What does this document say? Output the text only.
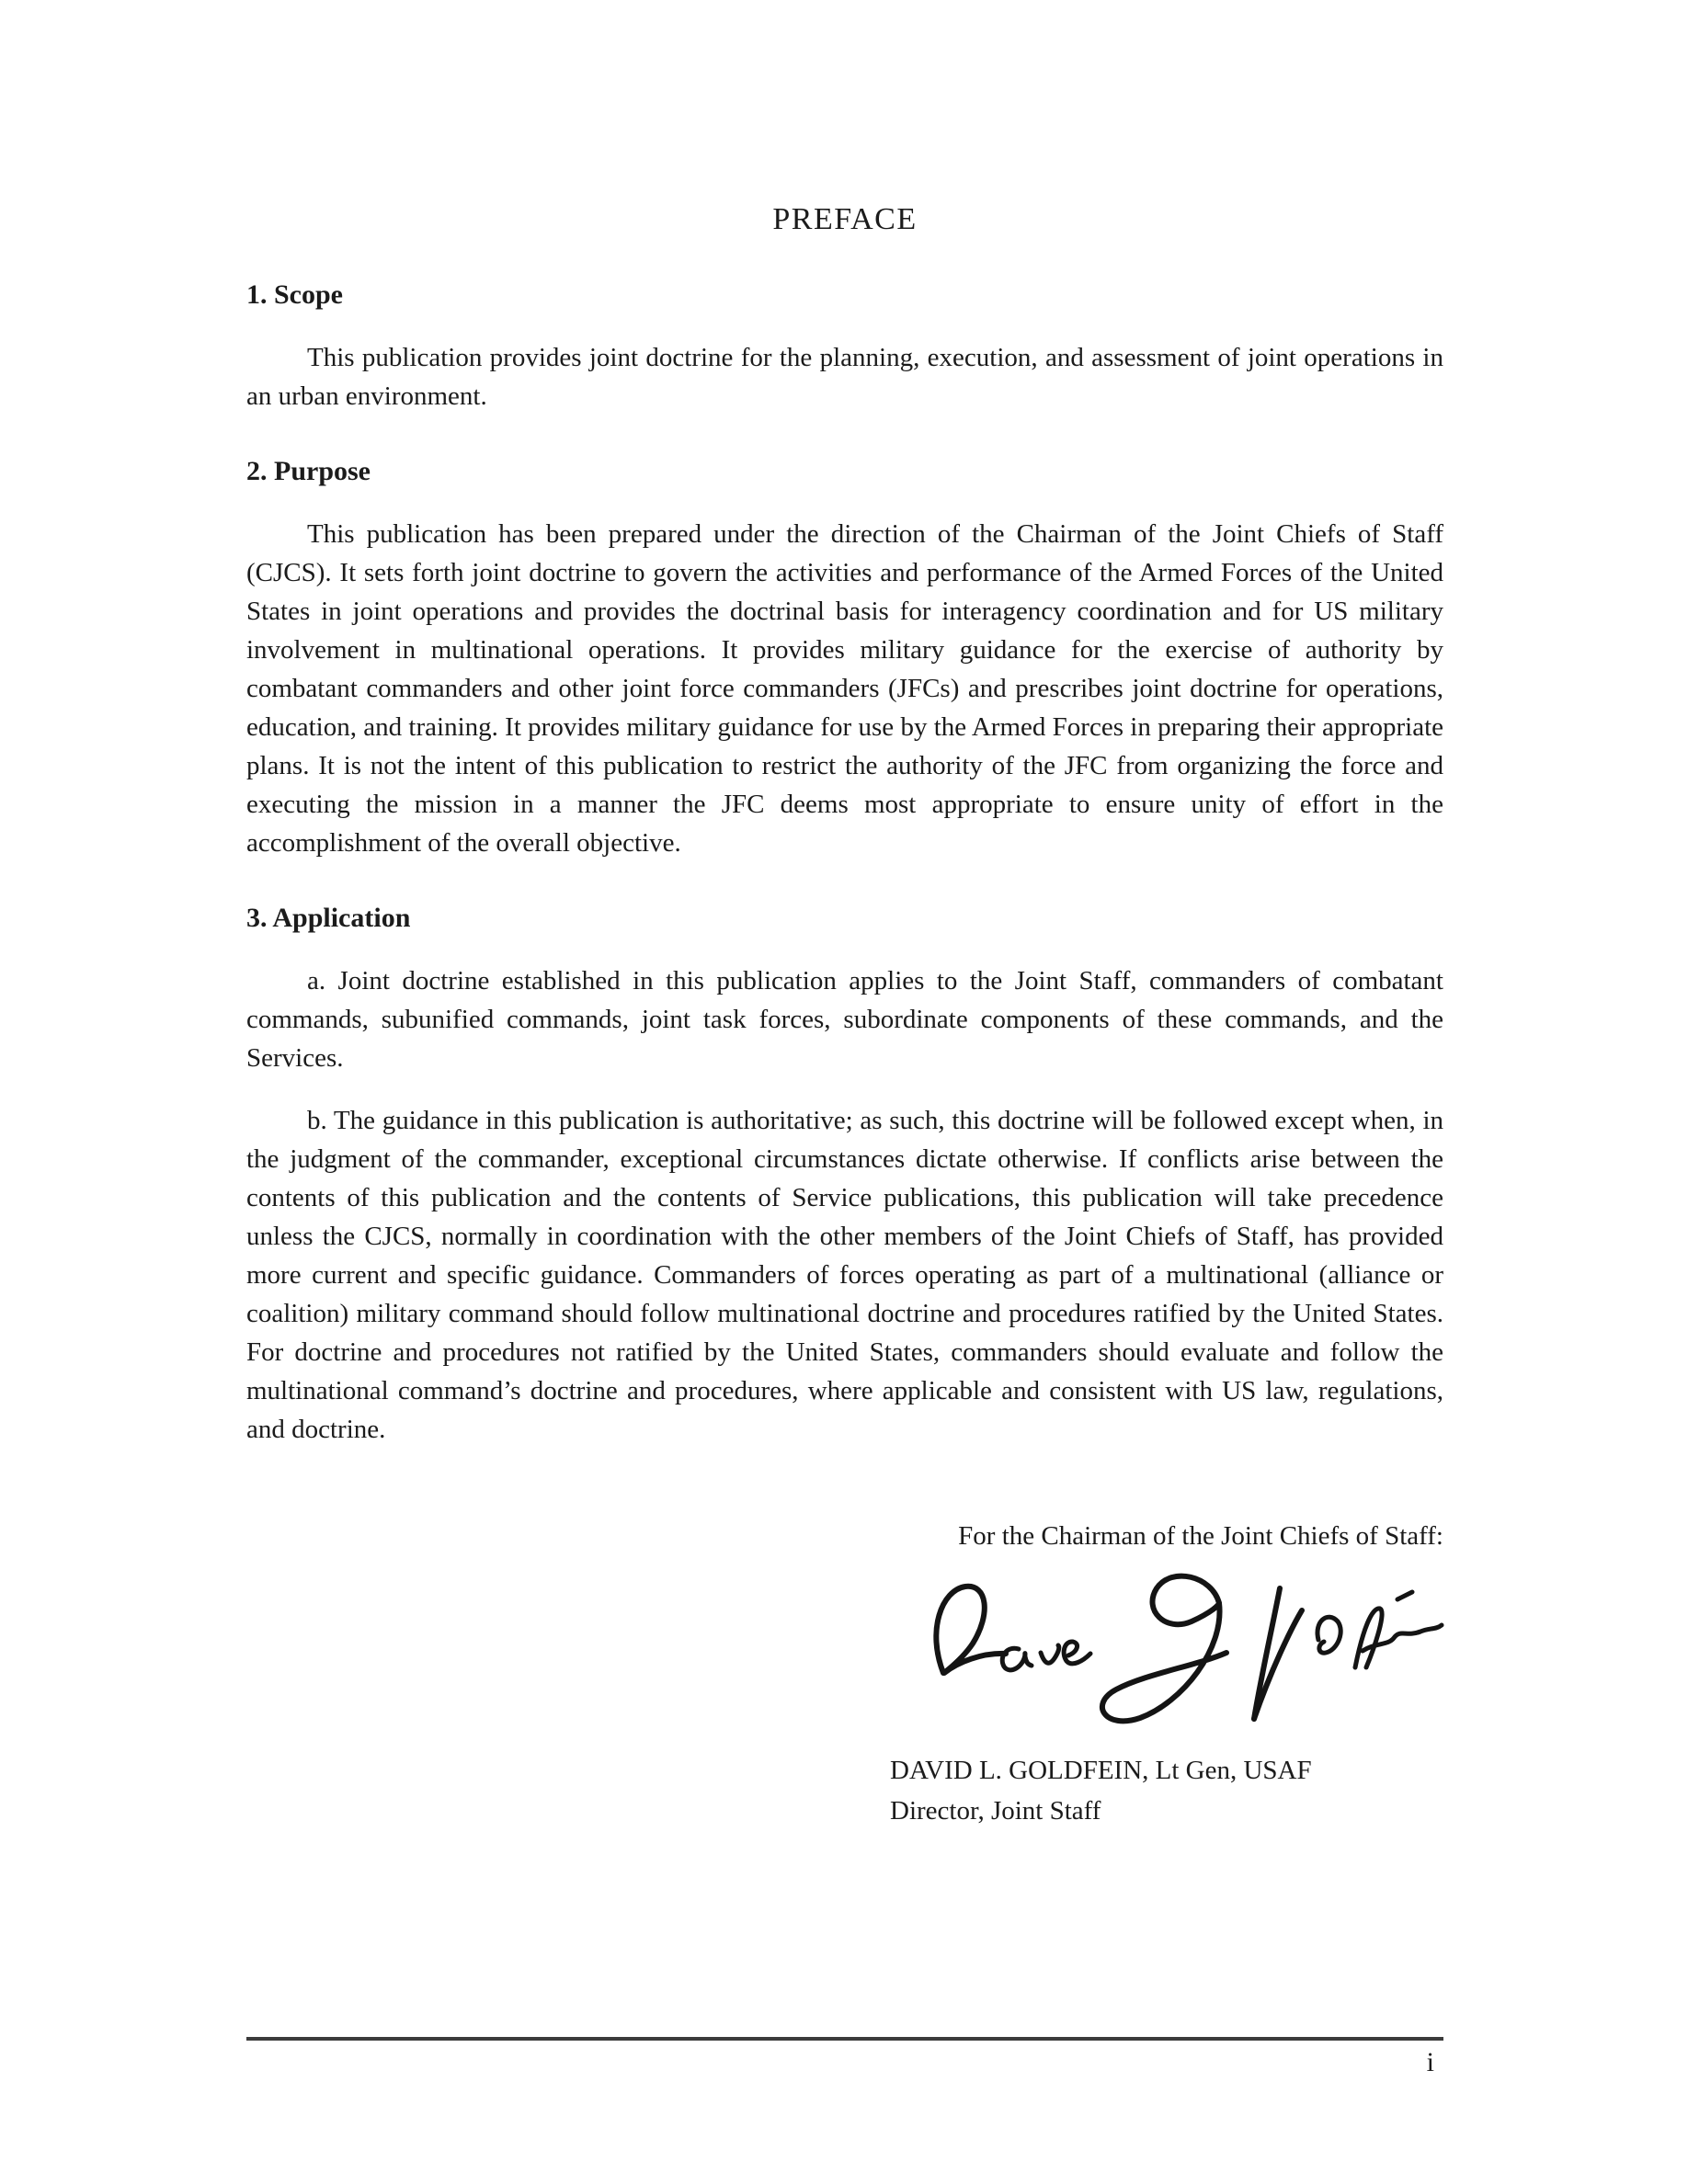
PREFACE
1. Scope

This publication provides joint doctrine for the planning, execution, and assessment of joint operations in an urban environment.

2. Purpose

This publication has been prepared under the direction of the Chairman of the Joint Chiefs of Staff (CJCS). It sets forth joint doctrine to govern the activities and performance of the Armed Forces of the United States in joint operations and provides the doctrinal basis for interagency coordination and for US military involvement in multinational operations. It provides military guidance for the exercise of authority by combatant commanders and other joint force commanders (JFCs) and prescribes joint doctrine for operations, education, and training. It provides military guidance for use by the Armed Forces in preparing their appropriate plans. It is not the intent of this publication to restrict the authority of the JFC from organizing the force and executing the mission in a manner the JFC deems most appropriate to ensure unity of effort in the accomplishment of the overall objective.

3. Application

a. Joint doctrine established in this publication applies to the Joint Staff, commanders of combatant commands, subunified commands, joint task forces, subordinate components of these commands, and the Services.

b. The guidance in this publication is authoritative; as such, this doctrine will be followed except when, in the judgment of the commander, exceptional circumstances dictate otherwise. If conflicts arise between the contents of this publication and the contents of Service publications, this publication will take precedence unless the CJCS, normally in coordination with the other members of the Joint Chiefs of Staff, has provided more current and specific guidance. Commanders of forces operating as part of a multinational (alliance or coalition) military command should follow multinational doctrine and procedures ratified by the United States. For doctrine and procedures not ratified by the United States, commanders should evaluate and follow the multinational command’s doctrine and procedures, where applicable and consistent with US law, regulations, and doctrine.

For the Chairman of the Joint Chiefs of Staff:

DAVID L. GOLDFEIN, Lt Gen, USAF
Director, Joint Staff
i
